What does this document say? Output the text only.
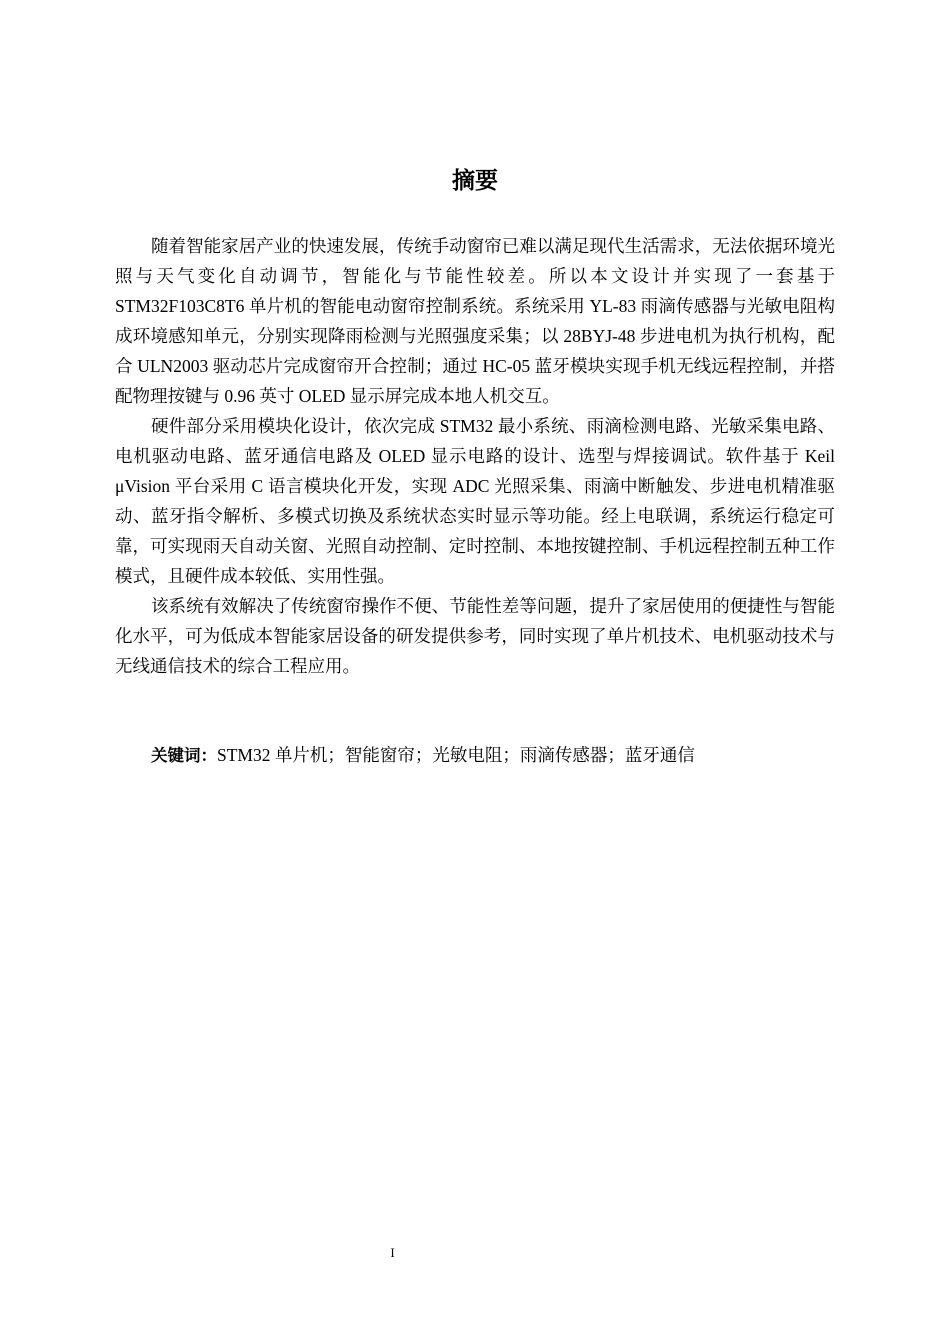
摘要

随着智能家居产业的快速发展，传统手动窗帘已难以满足现代生活需求，无法依据环境光照与天气变化自动调节，智能化与节能性较差。所以本文设计并实现了一套基于 STM32F103C8T6 单片机的智能电动窗帘控制系统。系统采用 YL-83 雨滴传感器与光敏电阻构成环境感知单元，分别实现降雨检测与光照强度采集；以 28BYJ-48 步进电机为执行机构，配合 ULN2003 驱动芯片完成窗帘开合控制；通过 HC-05 蓝牙模块实现手机无线远程控制，并搭配物理按键与 0.96 英寸 OLED 显示屏完成本地人机交互。

硬件部分采用模块化设计，依次完成 STM32 最小系统、雨滴检测电路、光敏采集电路、电机驱动电路、蓝牙通信电路及 OLED 显示电路的设计、选型与焊接调试。软件基于 Keil μVision 平台采用 C 语言模块化开发，实现 ADC 光照采集、雨滴中断触发、步进电机精准驱动、蓝牙指令解析、多模式切换及系统状态实时显示等功能。经上电联调，系统运行稳定可靠，可实现雨天自动关窗、光照自动控制、定时控制、本地按键控制、手机远程控制五种工作模式，且硬件成本较低、实用性强。

该系统有效解决了传统窗帘操作不便、节能性差等问题，提升了家居使用的便捷性与智能化水平，可为低成本智能家居设备的研发提供参考，同时实现了单片机技术、电机驱动技术与无线通信技术的综合工程应用。

关键词：STM32 单片机；智能窗帘；光敏电阻；雨滴传感器；蓝牙通信
I
